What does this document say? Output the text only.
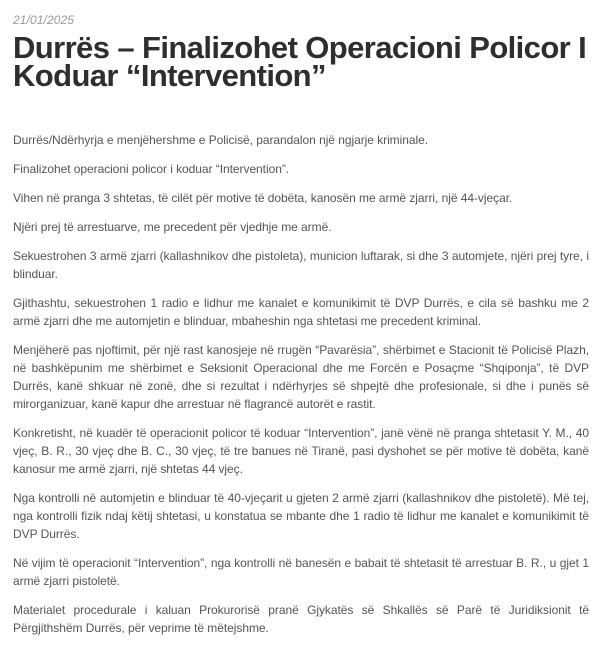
21/01/2025
Durrës – Finalizohet Operacioni Policor I Koduar “Intervention”

Durrës/Ndërhyrja e menjëhershme e Policisë, parandalon një ngjarje kriminale.

Finalizohet operacioni policor i koduar “Intervention”.

Vihen në pranga 3 shtetas, të cilët për motive të dobëta, kanosën me armë zjarri, një 44-vjeçar.

Njëri prej të arrestuarve, me precedent për vjedhje me armë.

Sekuestrohen 3 armë zjarri (kallashnikov dhe pistoleta), municion luftarak, si dhe 3 automjete, njëri prej tyre, i blinduar.

Gjithashtu, sekuestrohen 1 radio e lidhur me kanalet e komunikimit të DVP Durrës, e cila së bashku me 2 armë zjarri dhe me automjetin e blinduar, mbaheshin nga shtetasi me precedent kriminal.

Menjëherë pas njoftimit, për një rast kanosjeje në rrugën “Pavarësia”, shërbimet e Stacionit të Policisë Plazh, në bashkëpunim me shërbimet e Seksionit Operacional dhe me Forcën e Posaçme “Shqiponja”, të DVP Durrës, kanë shkuar në zonë, dhe si rezultat i ndërhyrjes së shpejtë dhe profesionale, si dhe i punës së mirorganizuar, kanë kapur dhe arrestuar në flagrancë autorët e rastit.

Konkretisht, në kuadër të operacionit policor të koduar “Intervention”, janë vënë në pranga shtetasit Y. M., 40 vjeç, B. R., 30 vjeç dhe B. C., 30 vjeç, të tre banues në Tiranë, pasi dyshohet se për motive të dobëta, kanë kanosur me armë zjarri, një shtetas 44 vjeç.

Nga kontrolli në automjetin e blinduar të 40-vjeçarit u gjeten 2 armë zjarri (kallashnikov dhe pistoletë). Më tej, nga kontrolli fizik ndaj këtij shtetasi, u konstatua se mbante dhe 1 radio të lidhur me kanalet e komunikimit të DVP Durrës.

Në vijim të operacionit “Intervention”, nga kontrolli në banesën e babait të shtetasit të arrestuar B. R., u gjet 1 armë zjarri pistoletë.

Materialet procedurale i kaluan Prokurorisë pranë Gjykatës së Shkallës së Parë të Juridiksionit të Përgjithshëm Durrës, për veprime të mëtejshme.
